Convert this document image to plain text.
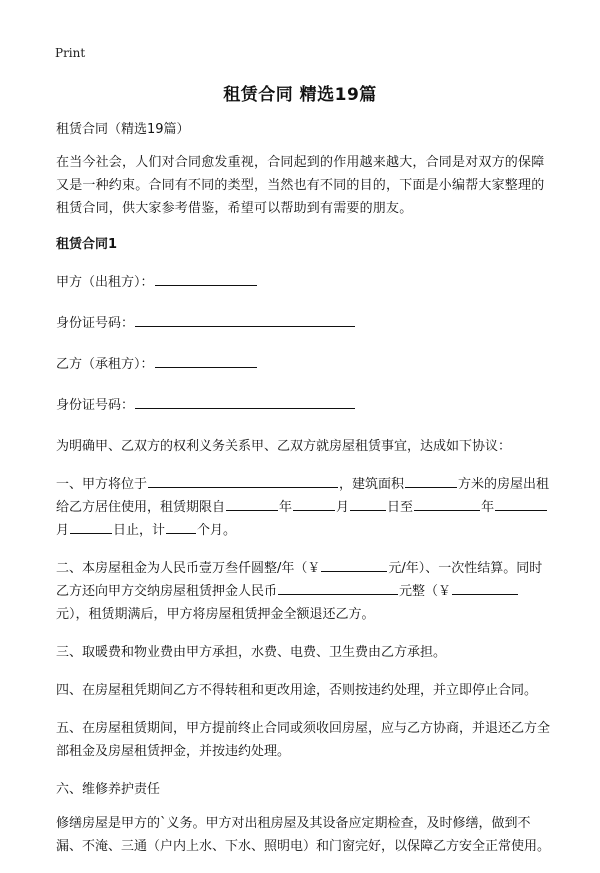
Print
租赁合同 精选19篇

租赁合同（精选19篇）

在当今社会，人们对合同愈发重视，合同起到的作用越来越大，合同是对双方的保障又是一种约束。合同有不同的类型，当然也有不同的目的，下面是小编帮大家整理的租赁合同，供大家参考借鉴，希望可以帮助到有需要的朋友。

租赁合同1

甲方（出租方）：

身份证号码：

乙方（承租方）：

身份证号码：

为明确甲、乙双方的权利义务关系甲、乙双方就房屋租赁事宜，达成如下协议：

一、甲方将位于	，建筑面积	方米的房屋出租给乙方居住使用，租赁期限自	年	月	日至	年月	日止，计 个月。

二、本房屋租金为人民币壹万叁仟圆整/年（￥	元/年）、一次性结算。同时乙方还向甲方交纳房屋租赁押金人民币	元整（￥元），租赁期满后，甲方将房屋租赁押金全额退还乙方。

三、取暖费和物业费由甲方承担，水费、电费、卫生费由乙方承担。

四、在房屋租凭期间乙方不得转租和更改用途，否则按违约处理，并立即停止合同。

五、在房屋租赁期间，甲方提前终止合同或须收回房屋，应与乙方协商，并退还乙方全部租金及房屋租赁押金，并按违约处理。

六、维修养护责任

修缮房屋是甲方的`义务。甲方对出租房屋及其设备应定期检查，及时修缮，做到不漏、不淹、三通（户内上水、下水、照明电）和门窗完好，以保障乙方安全正常使用。
